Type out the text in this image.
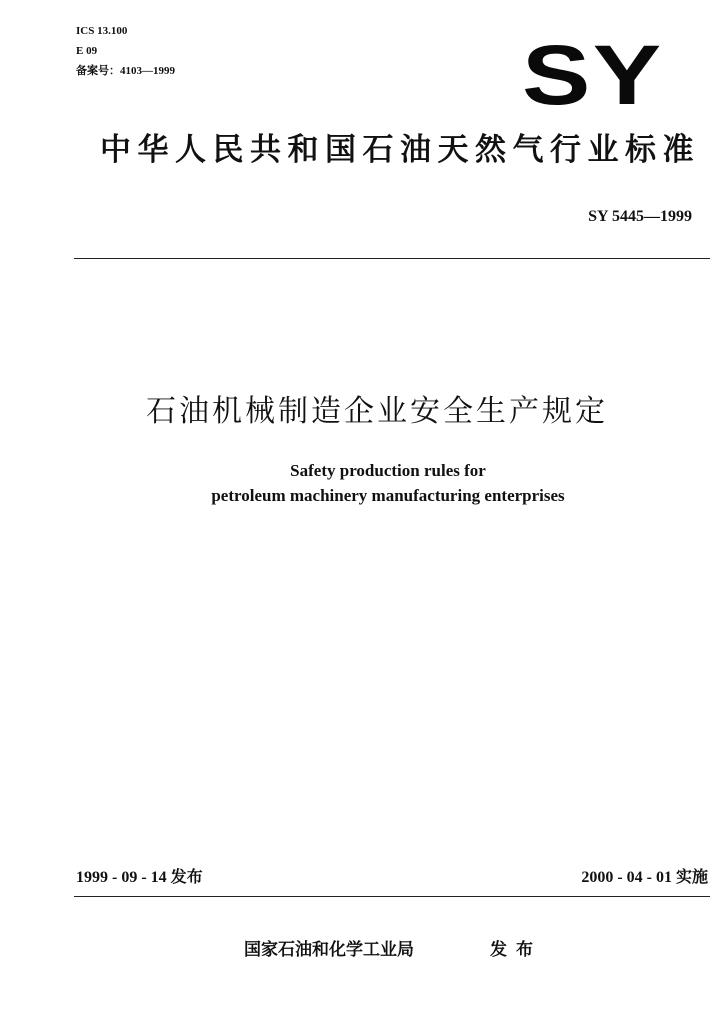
ICS 13.100
E 09
备案号：4103—1999	SY
中华人民共和国石油天然气行业标准
SY 5445—1999
石油机械制造企业安全生产规定
Safety production rules for
petroleum machinery manufacturing enterprises
1999 - 09 - 14 发布	2000 - 04 - 01 实施
国家石油和化学工业局	发布
